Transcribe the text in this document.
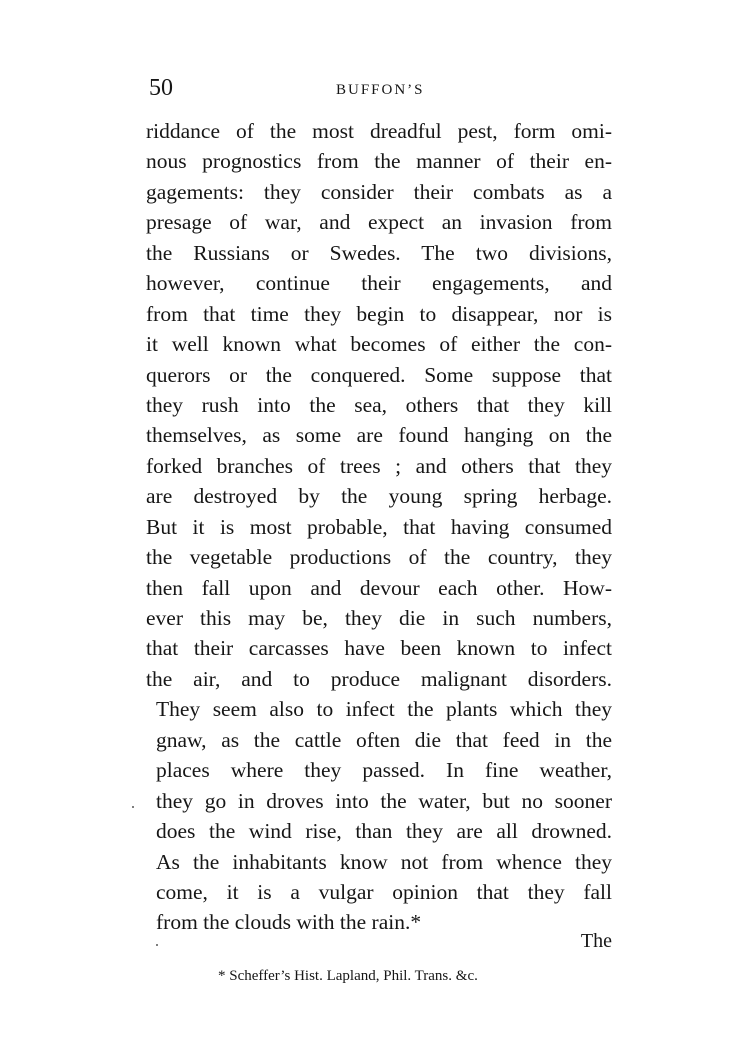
50	BUFFON’S
riddance of the most dreadful pest, form omi-
nous prognostics from the manner of their en-
gagements: they consider their combats as a
presage of war, and expect an invasion from
the Russians or Swedes. The two divisions,
however, continue their engagements, and
from that time they begin to disappear, nor is
it well known what becomes of either the con-
querors or the conquered. Some suppose that
they rush into the sea, others that they kill
themselves, as some are found hanging on the
forked branches of trees ; and others that they
are destroyed by the young spring herbage.
But it is most probable, that having consumed
the vegetable productions of the country, they
then fall upon and devour each other. How-
ever this may be, they die in such numbers,
that their carcasses have been known to infect
the air, and to produce malignant disorders.
They seem also to infect the plants which they
gnaw, as the cattle often die that feed in the
places where they passed. In fine weather,
they go in droves into the water, but no sooner
does the wind rise, than they are all drowned.
As the inhabitants know not from whence they
come, it is a vulgar opinion that they fall
from the clouds with the rain.*
The
* Scheffer’s Hist. Lapland, Phil. Trans. &c.
